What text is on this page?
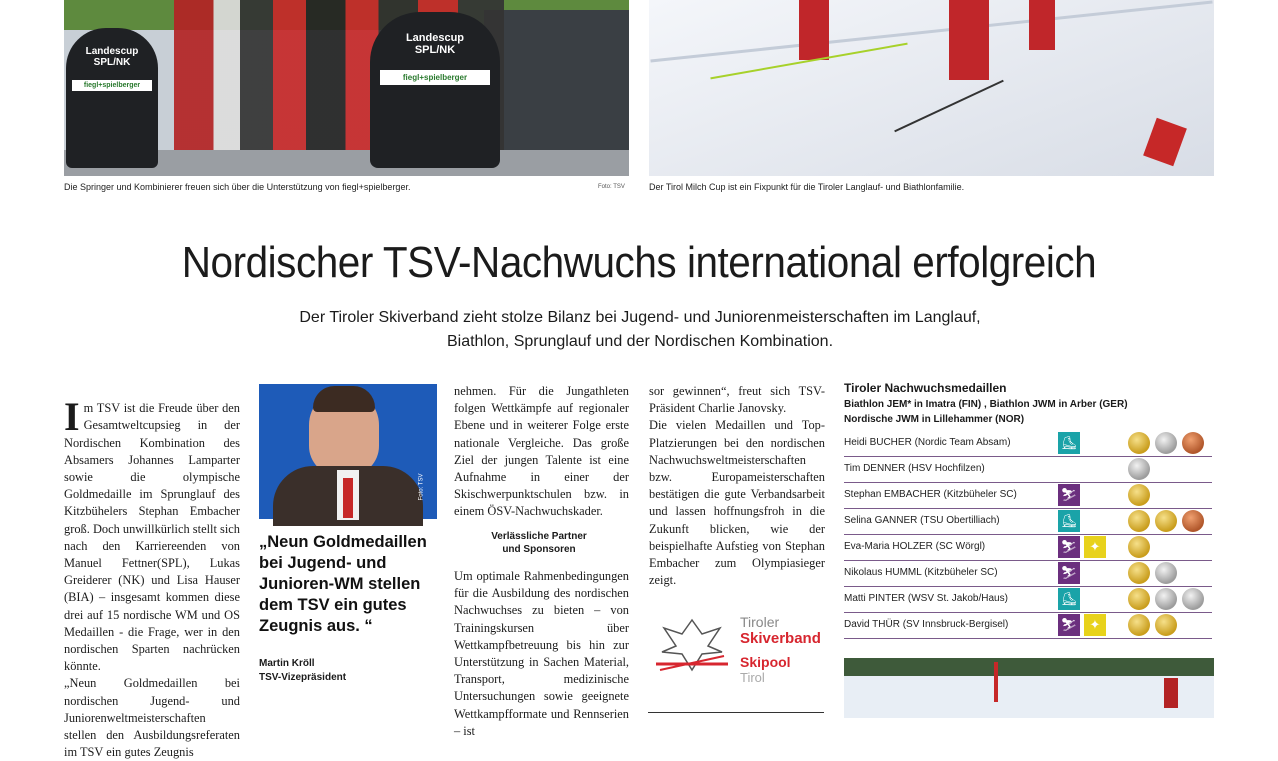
Landescup
SPL/NK
fiegl+spielberger
Landescup
SPL/NK
fiegl+spielberger
Die Springer und Kombinierer freuen sich über die Unterstützung von fiegl+spielberger.	Foto: TSV	Der Tirol Milch Cup ist ein Fixpunkt für die Tiroler Langlauf- und Biathlonfamilie.
Nordischer TSV-Nachwuchs international erfolgreich
Der Tiroler Skiverband zieht stolze Bilanz bei Jugend- und Juniorenmeisterschaften im Langlauf, Biathlon, Sprunglauf und der Nordischen Kombination.

Im TSV ist die Freude über den Gesamtweltcupsieg in der Nordischen Kombination des Absamers Johannes Lamparter sowie die olympische Goldmedaille im Sprunglauf des Kitzbühelers Stephan Embacher groß. Doch unwillkürlich stellt sich nach den Karriereenden von Manuel Fettner(SPL), Lukas Greiderer (NK) und Lisa Hauser (BIA) – insgesamt kommen diese drei auf 15 nordische WM und OS Medaillen - die Frage, wer in den nordischen Sparten nachrücken könnte.
„Neun Goldmedaillen bei nordischen Jugend- und Juniorenweltmeisterschaften stellen den Ausbildungsreferaten im TSV ein gutes Zeugnis

Foto: TSV
„Neun Goldmedaillen bei Jugend- und Junioren-WM stellen dem TSV ein gutes Zeugnis aus. “
Martin Kröll
TSV-Vizepräsident
nehmen. Für die Jungathleten folgen Wettkämpfe auf regionaler Ebene und in weiterer Folge erste nationale Vergleiche. Das große Ziel der jungen Talente ist eine Aufnahme in einer der Skischwerpunktschulen bzw. in einem ÖSV-Nachwuchskader.
Verlässliche Partner
und Sponsoren
Um optimale Rahmenbedingungen für die Ausbildung des nordischen Nachwuchses zu bieten – von Trainingskursen über Wettkampfbetreuung bis hin zur Unterstützung in Sachen Material, Transport, medizinische Untersuchungen sowie geeignete Wettkampfformate und Rennserien – ist
sor gewinnen“, freut sich TSV-Präsident Charlie Janovsky.
Die vielen Medaillen und Top-Platzierungen bei den nordischen Nachwuchsweltmeisterschaften bzw. Europameisterschaften bestätigen die gute Verbandsarbeit und lassen hoffnungsfroh in die Zukunft blicken, wie der beispielhafte Aufstieg von Stephan Embacher zum Olympiasieger zeigt.
Tiroler
Skiverband
Skipool
Tirol
Tiroler Nachwuchsmedaillen
Biathlon JEM* in Imatra (FIN) , Biathlon JWM in Arber (GER)
Nordische JWM in Lillehammer (NOR)
Heidi BUCHER (Nordic Team Absam)	⛸
Tim DENNER (HSV Hochfilzen)
Stephan EMBACHER (Kitzbüheler SC)	⛷
Selina GANNER (TSU Obertilliach)	⛸
Eva-Maria HOLZER (SC Wörgl)	⛷ ✦
Nikolaus HUMML (Kitzbüheler SC)	⛷
Matti PINTER (WSV St. Jakob/Haus)	⛸
David THÜR (SV Innsbruck-Bergisel)	⛷ ✦
